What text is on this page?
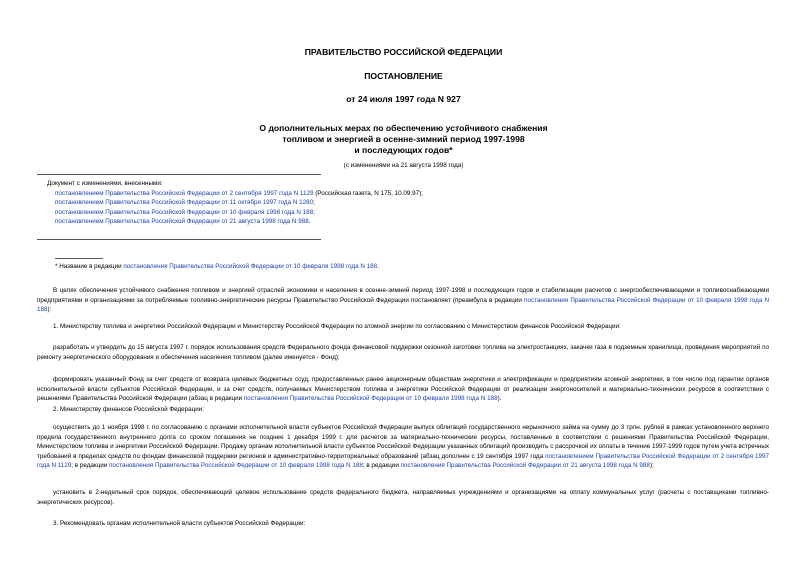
ПРАВИТЕЛЬСТВО РОССИЙСКОЙ ФЕДЕРАЦИИ
ПОСТАНОВЛЕНИЕ
от 24 июля 1997 года N 927
О дополнительных мерах по обеспечению устойчивого снабжения
топливом и энергией в осенне-зимний период 1997-1998
и последующих годов*
(с изменениями на 21 августа 1998 года)
Документ с изменениями, внесенными:
постановлением Правительства Российской Федерации от 2 сентября 1997 года N 1129 (Российская газета, N 175, 10.09.97);
постановлением Правительства Российской Федерации от 11 октября 1997 года N 1280;
постановлением Правительства Российской Федерации от 10 февраля 1998 года N 188;
постановлением Правительства Российской Федерации от 21 августа 1998 года N 988.
* Название в редакции постановления Правительства Российской Федерации от 10 февраля 1998 года N 188.
В целях обеспечения устойчивого снабжения топливом и энергией отраслей экономики и населения в осенне-зимний период 1997-1998 и последующих годов и стабилизации расчетов с энергообеспечивающими и топливоснабжающими предприятиями и организациями за потребляемые топливно-энергетические ресурсы Правительство Российской Федерации постановляет (преамбула в редакции постановления Правительства Российской Федерации от 10 февраля 1998 года N 188):
1. Министерству топлива и энергетики Российской Федерации и Министерству Российской Федерации по атомной энергии по согласованию с Министерством финансов Российской Федерации:
разработать и утвердить до 15 августа 1997 г. порядок использования средств Федерального фонда финансовой поддержки сезонной заготовки топлива на электростанциях, закачки газа в подземные хранилища, проведения мероприятий по ремонту энергетического оборудования и обеспечения населения топливом (далее именуется - Фонд);
формировать указанный Фонд за счет средств от возврата целевых бюджетных ссуд, предоставленных ранее акционерным обществам энергетики и электрификации и предприятиям атомной энергетики, в том числе под гарантии органов исполнительной власти субъектов Российской Федерации, и за счет средств, получаемых Министерством топлива и энергетики Российской Федерации от реализации энергоносителей и материально-технических ресурсов в соответствии с решениями Правительства Российской Федерации (абзац в редакции постановления Правительства Российской Федерации от 10 февраля 1998 года N 188).
2. Министерству финансов Российской Федерации:
осуществить до 1 ноября 1998 г. по согласованию с органами исполнительной власти субъектов Российской Федерации выпуск облигаций государственного нерыночного займа на сумму до 3 трлн. рублей в рамках установленного верхнего предела государственного внутреннего долга со сроком погашения не позднее 1 декабря 1999 г. для расчетов за материально-технические ресурсы, поставленные в соответствии с решениями Правительства Российской Федерации, Министерством топлива и энергетики Российской Федерации. Продажу органам исполнительной власти субъектов Российской Федерации указанных облигаций производить с рассрочкой их оплаты в течение 1997-1999 годов путем учета встречных требований в пределах средств по фондам финансовой поддержки регионов и административно-территориальных образований (абзац дополнен с 19 сентября 1997 года постановлением Правительства Российской Федерации от 2 сентября 1997 года N 1129; в редакции постановления Правительства Российской Федерации от 10 февраля 1998 года N 188; в редакции постановления Правительства Российской Федерации от 21 августа 1998 года N 988);
установить в 2-недельный срок порядок, обеспечивающий целевое использование средств федерального бюджета, направляемых учреждениями и организациями на оплату коммунальных услуг (расчеты с поставщиками топливно-энергетических ресурсов).
3. Рекомендовать органам исполнительной власти субъектов Российской Федерации:
